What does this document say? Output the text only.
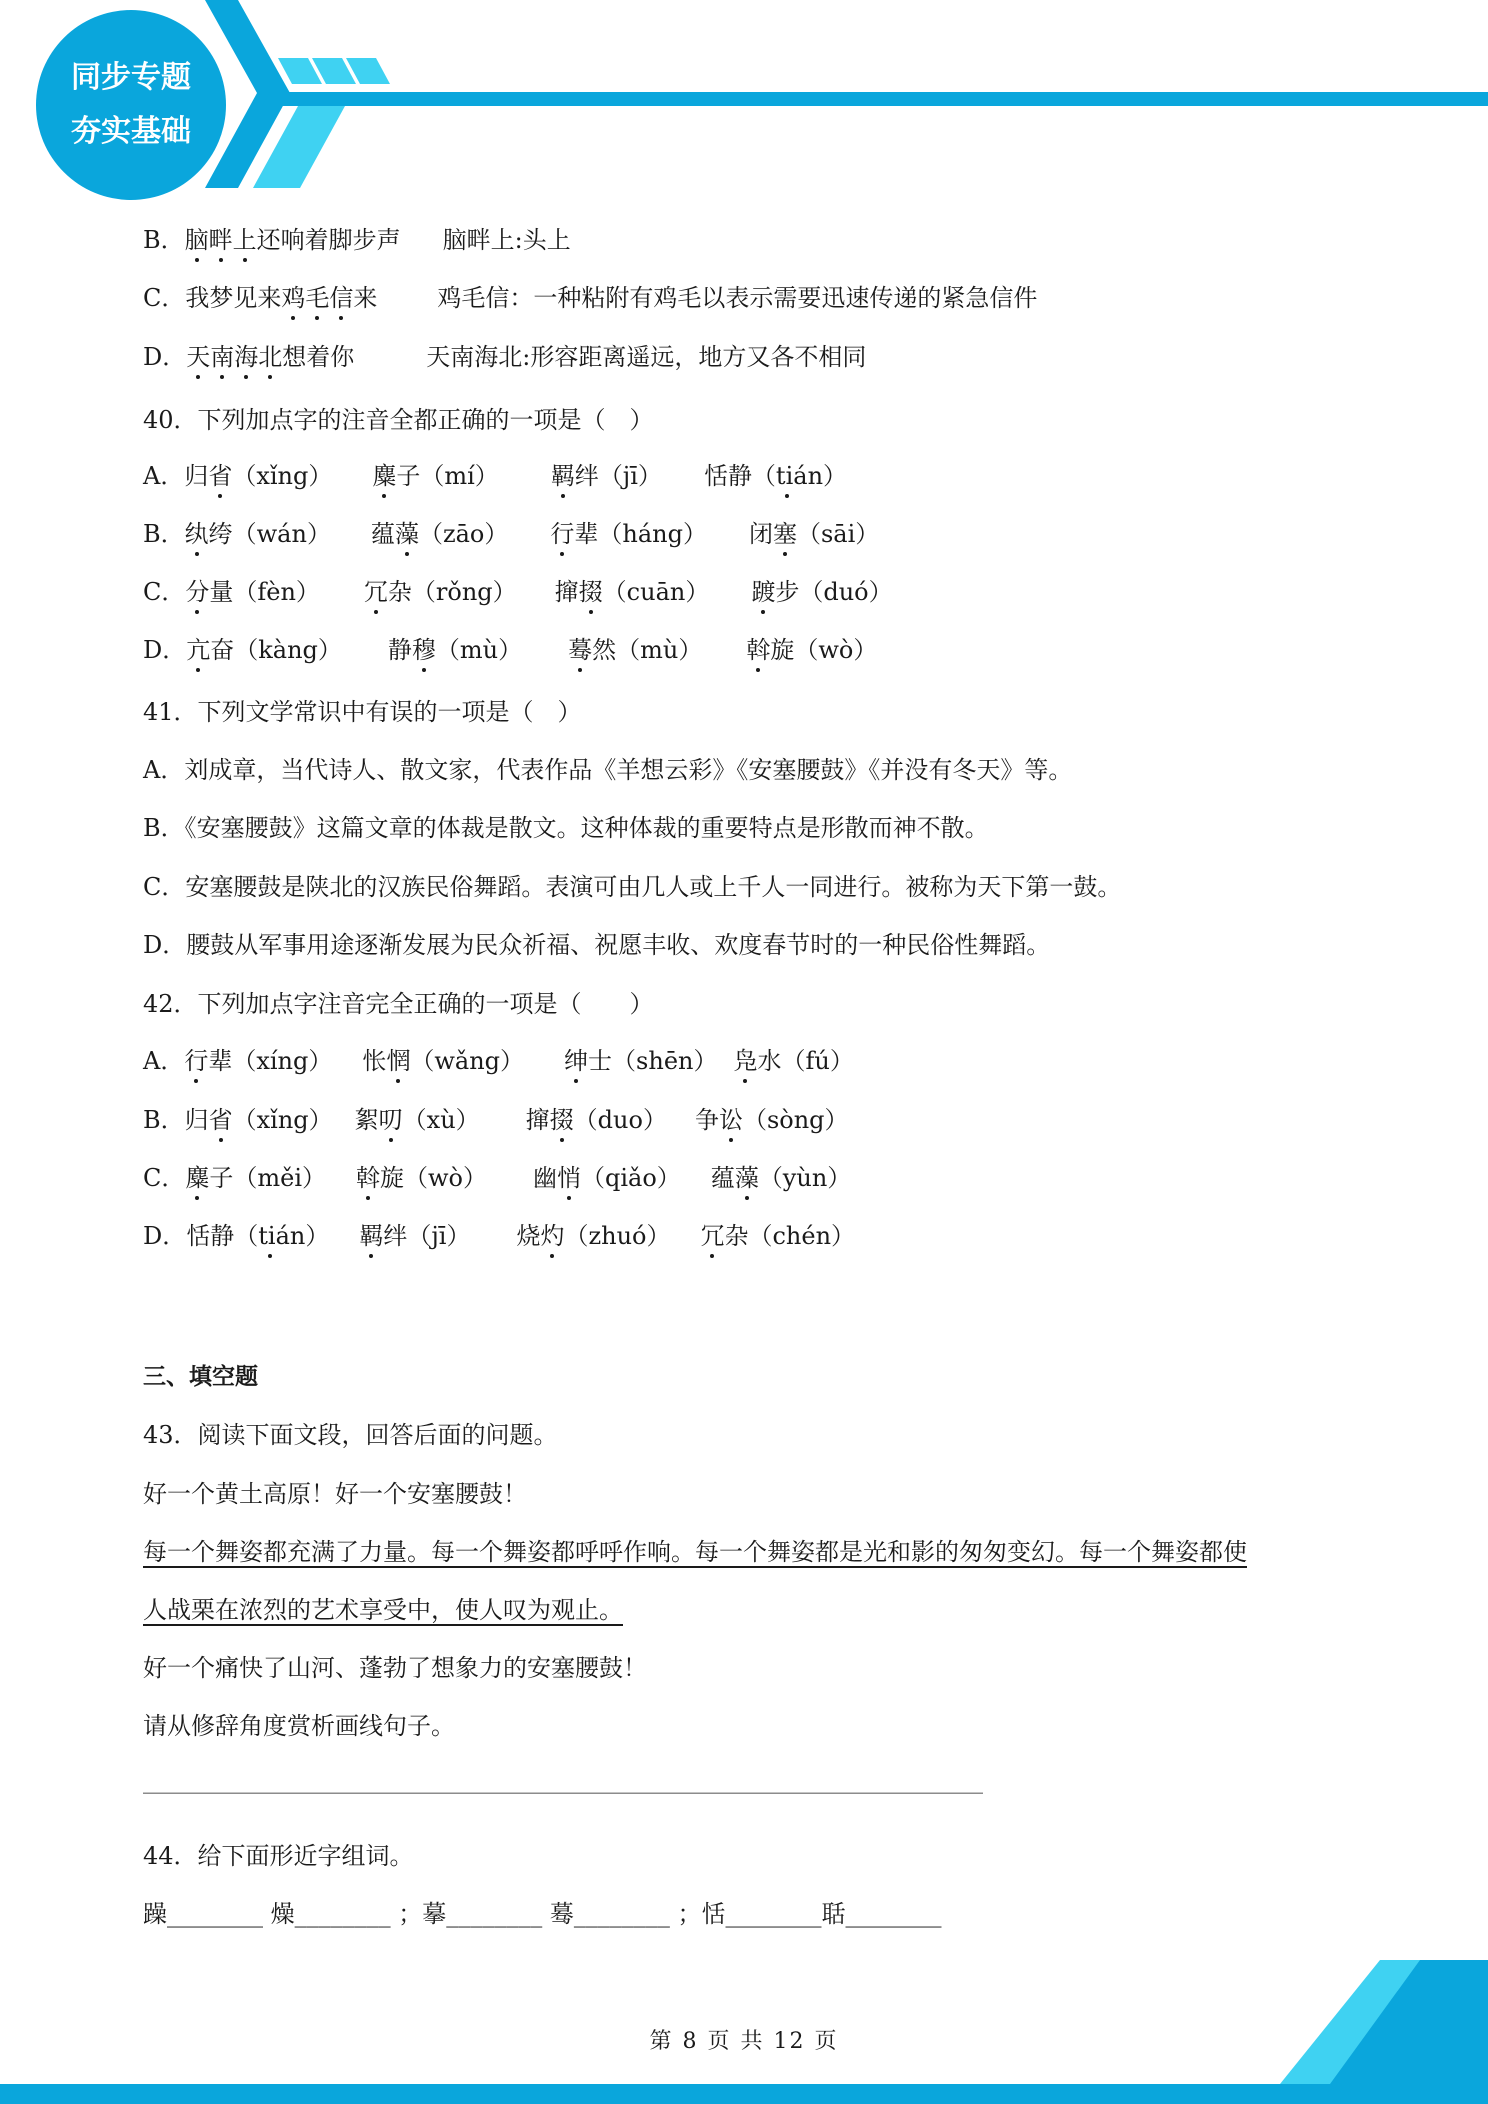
同步专题
夯实基础
B．脑畔上还响着脚步声 脑畔上:头上
C．我梦见来鸡毛信来	鸡毛信：一种粘附有鸡毛以表示需要迅速传递的紧急信件
D．天南海北想着你	天南海北:形容距离遥远，地方又各不相同
40．下列加点字的注音全都正确的一项是（　）
A．归省（xǐng） 麋子（mí） 羁绊（jī） 恬静（tián）
B．纨绔（wán） 蕴藻（zāo） 行辈（háng） 闭塞（sāi）
C．分量（fèn） 冗杂（rǒng） 撺掇（cuān） 踱步（duó）
D．亢奋（kàng） 静穆（mù） 蓦然（mù） 斡旋（wò）
41．下列文学常识中有误的一项是（　）
A．刘成章，当代诗人、散文家，代表作品《羊想云彩》《安塞腰鼓》《并没有冬天》等。
B．《安塞腰鼓》这篇文章的体裁是散文。这种体裁的重要特点是形散而神不散。
C．安塞腰鼓是陕北的汉族民俗舞蹈。表演可由几人或上千人一同进行。被称为天下第一鼓。
D．腰鼓从军事用途逐渐发展为民众祈福、祝愿丰收、欢度春节时的一种民俗性舞蹈。
42．下列加点字注音完全正确的一项是（　　）
A．行辈（xíng） 怅惘（wǎng） 绅士（shēn） 凫水（fú）
B．归省（xǐng） 絮叨（xù） 撺掇（duo） 争讼（sòng）
C．麋子（měi） 斡旋（wò） 幽悄（qiǎo） 蕴藻（yùn）
D．恬静（tián） 羁绊（jī） 烧灼（zhuó） 冗杂（chén）
三、填空题
43．阅读下面文段，回答后面的问题。
好一个黄土高原！好一个安塞腰鼓！
每一个舞姿都充满了力量。每一个舞姿都呼呼作响。每一个舞姿都是光和影的匆匆变幻。每一个舞姿都使
人战栗在浓烈的艺术享受中，使人叹为观止。
好一个痛快了山河、蓬勃了想象力的安塞腰鼓！
请从修辞角度赏析画线句子。
____________________________________________________________________________________
44．给下面形近字组词。
躁________ 燥________ ；摹________ 蓦________ ；恬________聒________
第 8 页 共 12 页
